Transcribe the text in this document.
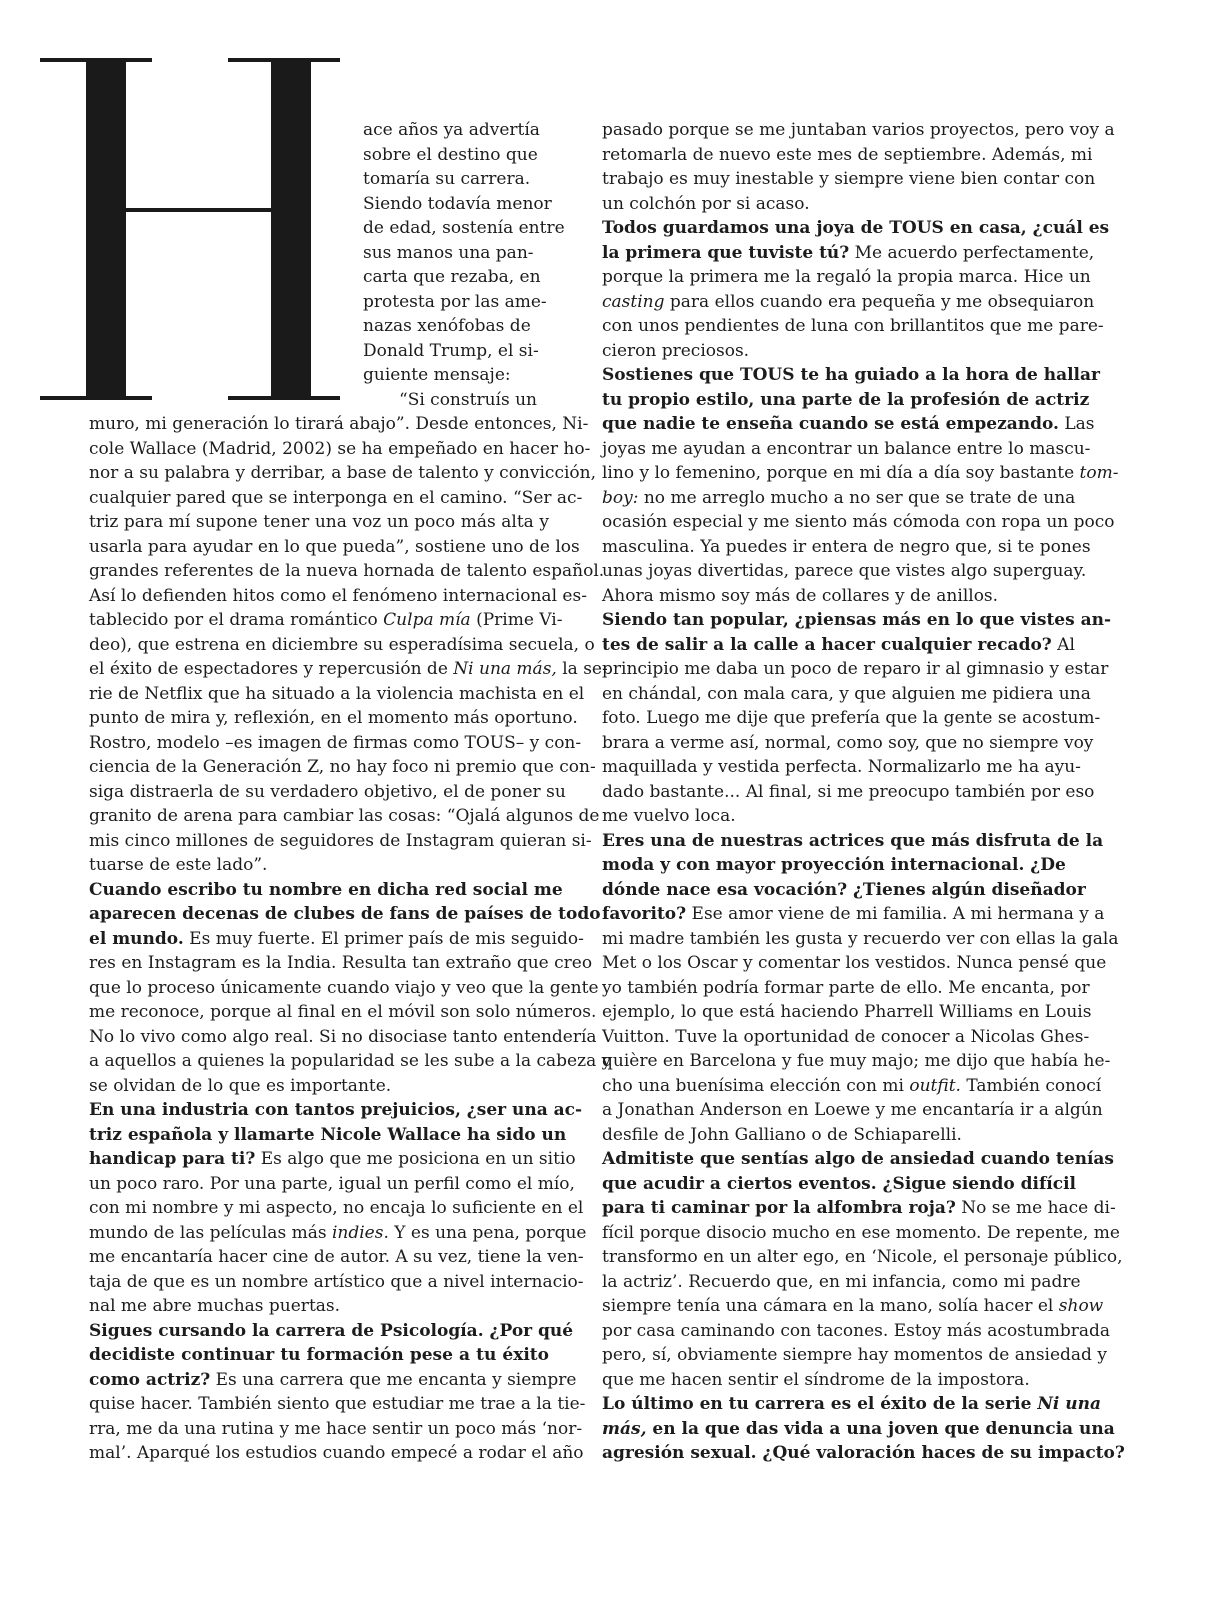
ace años ya advertía
sobre el destino que
tomaría su carrera.
Siendo todavía menor
de edad, sostenía entre
sus manos una pan-
carta que rezaba, en
protesta por las ame-
nazas xenófobas de
Donald Trump, el si-
guiente mensaje:
“Si construís un
muro, mi generación lo tirará abajo”. Desde entonces, Ni-
cole Wallace (Madrid, 2002) se ha empeñado en hacer ho-
nor a su palabra y derribar, a base de talento y convicción,
cualquier pared que se interponga en el camino. “Ser ac-
triz para mí supone tener una voz un poco más alta y
usarla para ayudar en lo que pueda”, sostiene uno de los
grandes referentes de la nueva hornada de talento español.
Así lo defienden hitos como el fenómeno internacional es-
tablecido por el drama romántico Culpa mía (Prime Vi-
deo), que estrena en diciembre su esperadísima secuela, o
el éxito de espectadores y repercusión de Ni una más, la se-
rie de Netflix que ha situado a la violencia machista en el
punto de mira y, reflexión, en el momento más oportuno.
Rostro, modelo –es imagen de firmas como TOUS– y con-
ciencia de la Generación Z, no hay foco ni premio que con-
siga distraerla de su verdadero objetivo, el de poner su
granito de arena para cambiar las cosas: “Ojalá algunos de
mis cinco millones de seguidores de Instagram quieran si-
tuarse de este lado”.
Cuando escribo tu nombre en dicha red social me
aparecen decenas de clubes de fans de países de todo
el mundo. Es muy fuerte. El primer país de mis seguido-
res en Instagram es la India. Resulta tan extraño que creo
que lo proceso únicamente cuando viajo y veo que la gente
me reconoce, porque al final en el móvil son solo números.
No lo vivo como algo real. Si no disociase tanto entendería
a aquellos a quienes la popularidad se les sube a la cabeza y
se olvidan de lo que es importante.
En una industria con tantos prejuicios, ¿ser una ac-
triz española y llamarte Nicole Wallace ha sido un
handicap para ti? Es algo que me posiciona en un sitio
un poco raro. Por una parte, igual un perfil como el mío,
con mi nombre y mi aspecto, no encaja lo suficiente en el
mundo de las películas más indies. Y es una pena, porque
me encantaría hacer cine de autor. A su vez, tiene la ven-
taja de que es un nombre artístico que a nivel internacio-
nal me abre muchas puertas.
Sigues cursando la carrera de Psicología. ¿Por qué
decidiste continuar tu formación pese a tu éxito
como actriz? Es una carrera que me encanta y siempre
quise hacer. También siento que estudiar me trae a la tie-
rra, me da una rutina y me hace sentir un poco más ‘nor-
mal’. Aparqué los estudios cuando empecé a rodar el año
pasado porque se me juntaban varios proyectos, pero voy a
retomarla de nuevo este mes de septiembre. Además, mi
trabajo es muy inestable y siempre viene bien contar con
un colchón por si acaso.
Todos guardamos una joya de TOUS en casa, ¿cuál es
la primera que tuviste tú? Me acuerdo perfectamente,
porque la primera me la regaló la propia marca. Hice un
casting para ellos cuando era pequeña y me obsequiaron
con unos pendientes de luna con brillantitos que me pare-
cieron preciosos.
Sostienes que TOUS te ha guiado a la hora de hallar
tu propio estilo, una parte de la profesión de actriz
que nadie te enseña cuando se está empezando. Las
joyas me ayudan a encontrar un balance entre lo mascu-
lino y lo femenino, porque en mi día a día soy bastante tom-
boy: no me arreglo mucho a no ser que se trate de una
ocasión especial y me siento más cómoda con ropa un poco
masculina. Ya puedes ir entera de negro que, si te pones
unas joyas divertidas, parece que vistes algo superguay.
Ahora mismo soy más de collares y de anillos.
Siendo tan popular, ¿piensas más en lo que vistes an-
tes de salir a la calle a hacer cualquier recado? Al
principio me daba un poco de reparo ir al gimnasio y estar
en chándal, con mala cara, y que alguien me pidiera una
foto. Luego me dije que prefería que la gente se acostum-
brara a verme así, normal, como soy, que no siempre voy
maquillada y vestida perfecta. Normalizarlo me ha ayu-
dado bastante... Al final, si me preocupo también por eso
me vuelvo loca.
Eres una de nuestras actrices que más disfruta de la
moda y con mayor proyección internacional. ¿De
dónde nace esa vocación? ¿Tienes algún diseñador
favorito? Ese amor viene de mi familia. A mi hermana y a
mi madre también les gusta y recuerdo ver con ellas la gala
Met o los Oscar y comentar los vestidos. Nunca pensé que
yo también podría formar parte de ello. Me encanta, por
ejemplo, lo que está haciendo Pharrell Williams en Louis
Vuitton. Tuve la oportunidad de conocer a Nicolas Ghes-
quière en Barcelona y fue muy majo; me dijo que había he-
cho una buenísima elección con mi outfit. También conocí
a Jonathan Anderson en Loewe y me encantaría ir a algún
desfile de John Galliano o de Schiaparelli.
Admitiste que sentías algo de ansiedad cuando tenías
que acudir a ciertos eventos. ¿Sigue siendo difícil
para ti caminar por la alfombra roja? No se me hace di-
fícil porque disocio mucho en ese momento. De repente, me
transformo en un alter ego, en ‘Nicole, el personaje público,
la actriz’. Recuerdo que, en mi infancia, como mi padre
siempre tenía una cámara en la mano, solía hacer el show
por casa caminando con tacones. Estoy más acostumbrada
pero, sí, obviamente siempre hay momentos de ansiedad y
que me hacen sentir el síndrome de la impostora.
Lo último en tu carrera es el éxito de la serie Ni una
más, en la que das vida a una joven que denuncia una
agresión sexual. ¿Qué valoración haces de su impacto?
